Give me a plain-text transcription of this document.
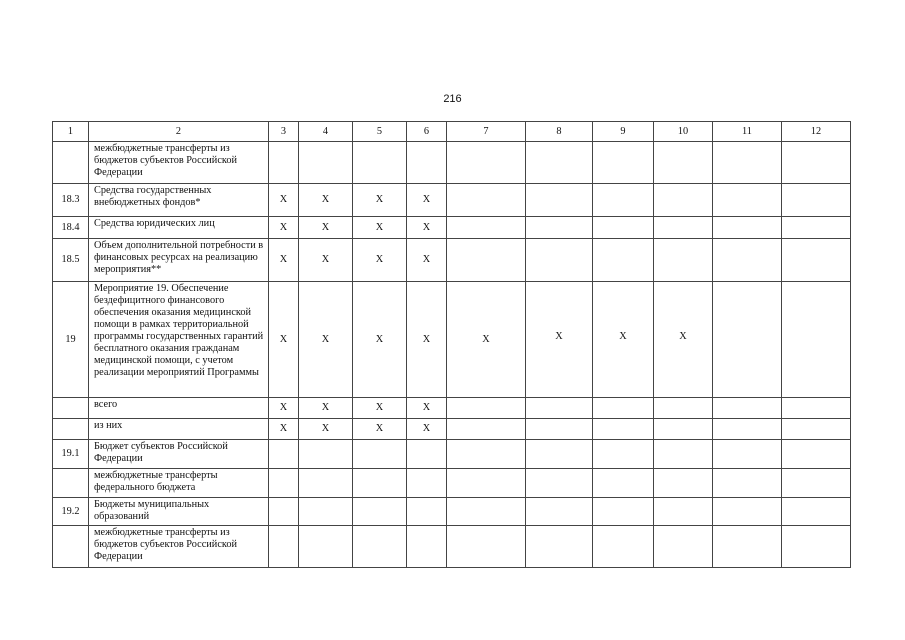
216
1	2	3	4	5	6	7	8	9	10	11	12
	межбюджетные трансферты из бюджетов субъектов Российской Федерации										
18.3	Средства государственных внебюджетных фондов*	X	X	X	X						
18.4	Средства юридических лиц	X	X	X	X						
18.5	Объем дополнительной потребности в финансовых ресурсах на реализацию мероприятия**	X	X	X	X						
19	Мероприятие 19. Обеспечение бездефицитного финансового обеспечения оказания медицинской помощи в рамках территориальной программы государственных гарантий бесплатного оказания гражданам медицинской помощи, с учетом реализации мероприятий Программы	X	X	X	X	X	X	X	X		
	всего	X	X	X	X						
	из них	X	X	X	X						
19.1	Бюджет субъектов Российской Федерации										
	межбюджетные трансферты федерального бюджета										
19.2	Бюджеты муниципальных образований										
	межбюджетные трансферты из бюджетов субъектов Российской Федерации										
